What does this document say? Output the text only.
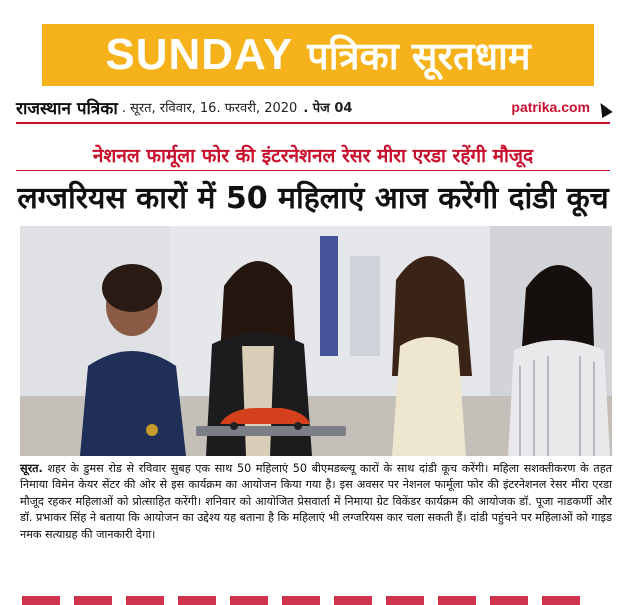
SUNDAY पत्रिका सूरतधाम
राजस्थान पत्रिका . सूरत, रविवार, 16. फरवरी, 2020 . पेज 04	patrika.com
नेशनल फार्मूला फोर की इंटरनेशनल रेसर मीरा एरडा रहेंगी मौजूद
लग्जरियस कारों में 50 महिलाएं आज करेंगी दांडी कूच
सूरत. शहर के डुमस रोड से रविवार सुबह एक साथ 50 महिलाएं 50 बीएमडब्ल्यू कारों के साथ दांडी कूच करेंगी। महिला सशक्तीकरण के तहत निमाया विमेन केयर सेंटर की ओर से इस कार्यक्रम का आयोजन किया गया है। इस अवसर पर नेशनल फार्मूला फोर की इंटरनेशनल रेसर मीरा एरडा मौजूद रहकर महिलाओं को प्रोत्साहित करेंगी। शनिवार को आयोजित प्रेसवार्ता में निमाया ग्रेट विकेंडर कार्यक्रम की आयोजक डॉ. पूजा नाडकर्णी और डॉ. प्रभाकर सिंह ने बताया कि आयोजन का उद्देश्य यह बताना है कि महिलाएं भी लग्जरियस कार चला सकती हैं। दांडी पहुंचने पर महिलाओं को गाइड नमक सत्याग्रह की जानकारी देगा।
